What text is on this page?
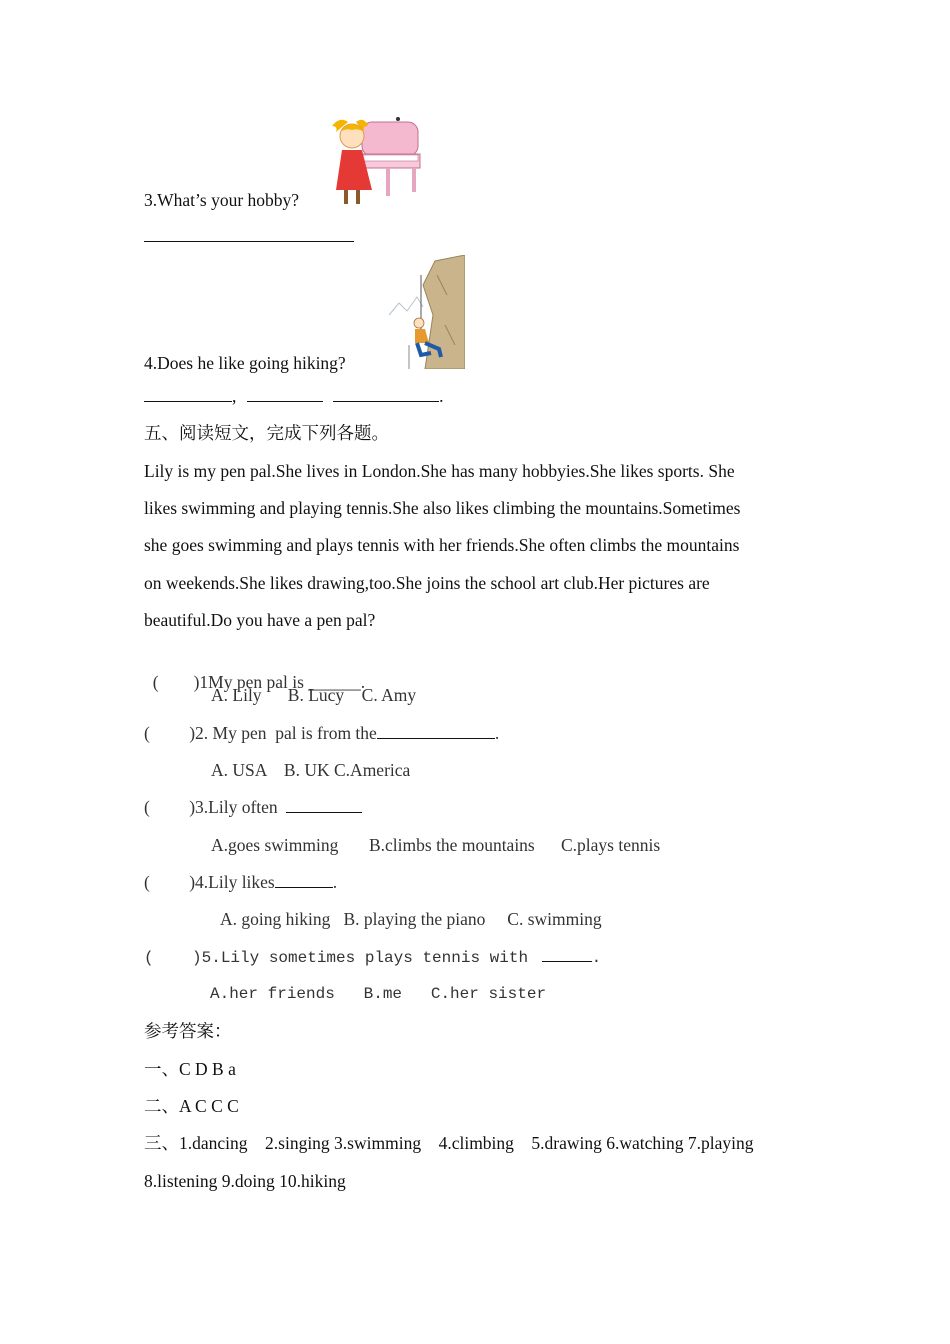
3.What’s your hobby?
4.Does he like going hiking?
,	.
五、阅读短文，完成下列各题。
Lily is my pen pal.She lives in London.She has many hobbyies.She likes sports. She
likes swimming and playing tennis.She also likes climbing the mountains.Sometimes
she goes swimming and plays tennis with her friends.She often climbs the mountains
on weekends.She likes drawing,too.She joins the school art club.Her pictures are
beautiful.Do you have a pen pal?

(        )1My pen pal is ______.

A. Lily      B. Lucy    C. Amy
(         )2. My pen  pal is from the	.
A. USA    B. UK C.America
(         )3.Lily often
A.goes swimming       B.climbs the mountains      C.plays tennis
(         )4.Lily likes	.
A. going hiking   B. playing the piano     C. swimming
(    )5.Lily sometimes plays tennis with	.
A.her friends   B.me   C.her sister
参考答案：
一、C D B a
二、A C C C
三、1.dancing    2.singing 3.swimming    4.climbing    5.drawing 6.watching 7.playing
8.listening 9.doing 10.hiking
